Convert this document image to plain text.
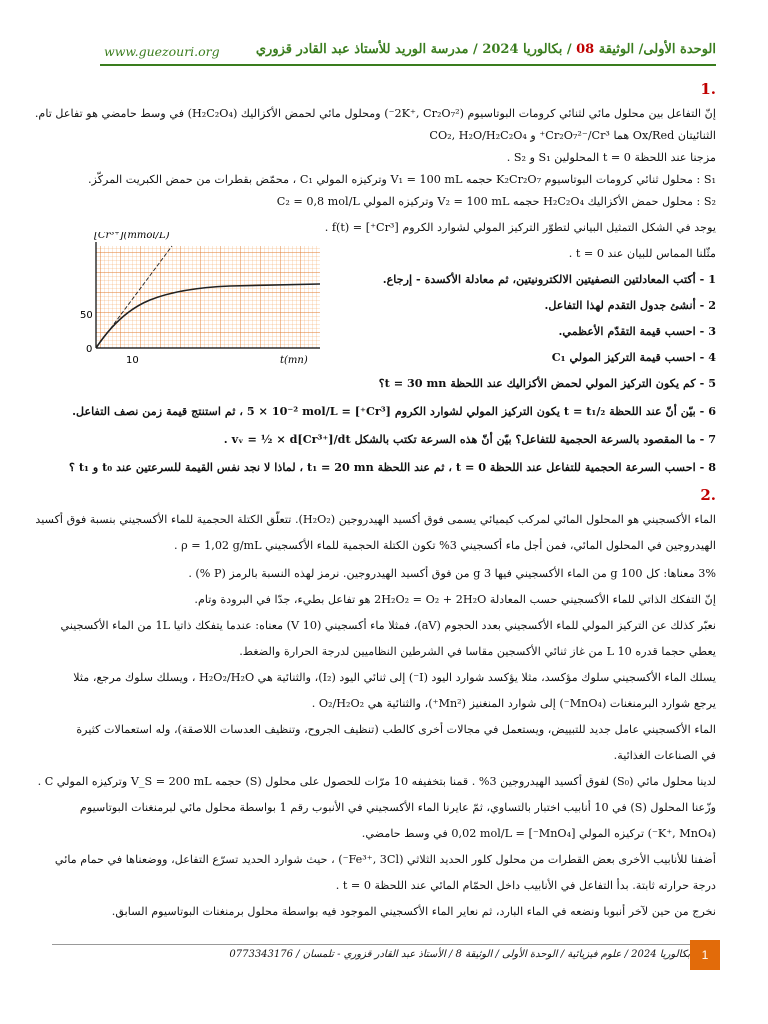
الوحدة الأولى/ الوثيقة 08 / بكالوريا 2024 / مدرسة الوريد للأستاذ عبد القادر قزوري
www.guezouri.org
1.
إنّ التفاعل بين محلول مائي لثنائي كرومات البوتاسيوم (2K⁺, Cr₂O₇²⁻) ومحلول مائي لحمض الأكزاليك (H₂C₂O₄) في وسط حامضي هو تفاعل تام.
الثنائيتان Ox/Red هما Cr₂O₇²⁻/Cr³⁺ و CO₂, H₂O/H₂C₂O₄
مزجنا عند اللحظة t = 0 المحلولين S₁ و S₂ .
S₁ : محلول ثنائي كرومات البوتاسيوم K₂Cr₂O₇ حجمه V₁ = 100 mL وتركيزه المولي C₁ ، محمّض بقطرات من حمض الكبريت المركّز.
S₂ : محلول حمض الأكزاليك H₂C₂O₄ حجمه V₂ = 100 mL وتركيزه المولي C₂ = 0,8 mol/L
يوجد في الشكل التمثيل البياني لتطوّر التركيز المولي لشوارد الكروم [Cr³⁺] = f(t) .
مثّلنا المماس للبيان عند t = 0 .
1 - أكتب المعادلتين النصفيتين الالكترونيتين، ثم معادلة الأكسدة - إرجاع.
2 - أنشئ جدول التقدم لهذا التفاعل.
3 - احسب قيمة التقدّم الأعظمي.
4 - احسب قيمة التركيز المولي C₁
5 - كم يكون التركيز المولي لحمض الأكزاليك عند اللحظة t = 30 mn؟
6 - بيّن أنّ عند اللحظة t = t₁/₂ يكون التركيز المولي لشوارد الكروم [Cr³⁺] = 5 × 10⁻² mol/L ، ثم استنتج قيمة زمن نصف التفاعل.
7 - ما المقصود بالسرعة الحجمية للتفاعل؟ بيّن أنّ هذه السرعة تكتب بالشكل vᵥ = ½ × d[Cr³⁺]/dt .
8 - احسب السرعة الحجمية للتفاعل عند اللحظة t = 0 ، ثم عند اللحظة t₁ = 20 mn ، لماذا لا نجد نفس القيمة للسرعتين عند t₀ و t₁ ؟
[Cr³⁺](mmol/L)
t(mn)
50
0
10
2.
الماء الأكسجيني هو المحلول المائي لمركب كيميائي يسمى فوق أكسيد الهيدروجين (H₂O₂). تتعلّق الكتلة الحجمية للماء الأكسجيني بنسبة فوق أكسيد
الهيدروجين في المحلول المائي، فمن أجل ماء أكسجيني 3% تكون الكتلة الحجمية للماء الأكسجيني ρ = 1,02 g/mL .
3% معناها: كل 100 g من الماء الأكسجيني فيها 3 g من فوق أكسيد الهيدروجين. نرمز لهذه النسبة بالرمز (P %) .
إنّ التفكك الذاتي للماء الأكسجيني حسب المعادلة 2H₂O₂ = O₂ + 2H₂O هو تفاعل بطيء، جدّا في البرودة وتام.
نعبّر كذلك عن التركيز المولي للماء الأكسجيني بعدد الحجوم (aV)، فمثلا ماء أكسجيني (10 V) معناه: عندما يتفكك ذاتيا 1L من الماء الأكسجيني
يعطي حجما قدره 10 L من غاز ثنائي الأكسجين مقاسا في الشرطين النظاميين لدرجة الحرارة والضغط.
يسلك الماء الأكسجيني سلوك مؤكسد، مثلا يؤكسد شوارد اليود (I⁻) إلى ثنائي اليود (I₂)، والثنائية هي H₂O₂/H₂O ، ويسلك سلوك مرجع، مثلا
يرجع شوارد البرمنغنات (MnO₄⁻) إلى شوارد المنغنيز (Mn²⁺)، والثنائية هي O₂/H₂O₂ .
الماء الأكسجيني عامل جديد للتبييض، ويستعمل في مجالات أخرى كالطب (تنظيف الجروح، وتنظيف العدسات اللاصقة)، وله استعمالات كثيرة
في الصناعات الغذائية.
لدينا محلول مائي (S₀) لفوق أكسيد الهيدروجين 3% . قمنا بتخفيفه 10 مرّات للحصول على محلول (S) حجمه V_S = 200 mL وتركيزه المولي C .
وزّعنا المحلول (S) في 10 أنابيب اختبار بالتساوي، ثمّ عايرنا الماء الأكسجيني في الأنبوب رقم 1 بواسطة محلول مائي لبرمنغنات البوتاسيوم
(K⁺, MnO₄⁻) تركيزه المولي [MnO₄⁻] = 0,02 mol/L في وسط حامضي.
أضفنا للأنابيب الأخرى بعض القطرات من محلول كلور الحديد الثلاثي (Fe³⁺, 3Cl⁻) ، حيث شوارد الحديد تسرّع التفاعل، ووضعناها في حمام مائي
درجة حرارته ثابتة. بدأ التفاعل في الأنابيب داخل الحمّام المائي عند اللحظة t = 0 .
نخرج من حين لآخر أنبوبا ونضعه في الماء البارد، ثم نعاير الماء الأكسجيني الموجود فيه بواسطة محلول برمنغنات البوتاسيوم السابق.
بكالوريا 2024 / علوم فيزيائية / الوحدة الأولى / الوثيقة 8 / الأستاذ عبد القادر قزوري - تلمسان / 0773343176 1
